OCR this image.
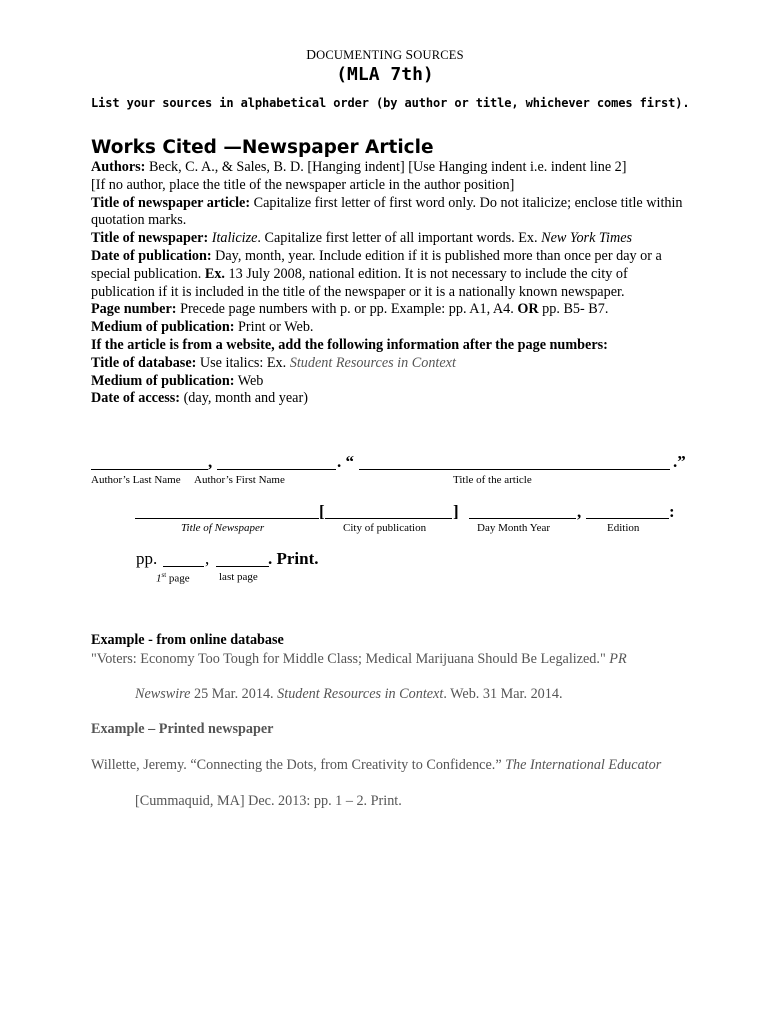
DOCUMENTING SOURCES
(MLA 7th)
List your sources in alphabetical order (by author or title, whichever comes first).
Works Cited —Newspaper Article
Authors: Beck, C. A., & Sales, B. D. [Hanging indent] [Use Hanging indent i.e. indent line 2]
[If no author, place the title of the newspaper article in the author position]
Title of newspaper article: Capitalize first letter of first word only. Do not italicize; enclose title within
quotation marks.
Title of newspaper: Italicize. Capitalize first letter of all important words. Ex. New York Times
Date of publication: Day, month, year. Include edition if it is published more than once per day or a
special publication. Ex. 13 July 2008, national edition. It is not necessary to include the city of
publication if it is included in the title of the newspaper or it is a nationally known newspaper.
Page number: Precede page numbers with p. or pp. Example: pp. A1, A4. OR pp. B5- B7.
Medium of publication: Print or Web.
If the article is from a website, add the following information after the page numbers:
Title of database: Use italics: Ex. Student Resources in Context
Medium of publication: Web
Date of access: (day, month and year)
,	. “	.”
Author’s Last Name Author’s First Name	Title of the article
[	]	,	:
Title of Newspaper	City of publication	Day Month Year	Edition
pp.	,	. Print.
1st page	last page
Example - from online database
"Voters: Economy Too Tough for Middle Class; Medical Marijuana Should Be Legalized." PR
Newswire 25 Mar. 2014. Student Resources in Context. Web. 31 Mar. 2014.
Example – Printed newspaper
Willette, Jeremy. “Connecting the Dots, from Creativity to Confidence.” The International Educator
[Cummaquid, MA] Dec. 2013: pp. 1 – 2. Print.
